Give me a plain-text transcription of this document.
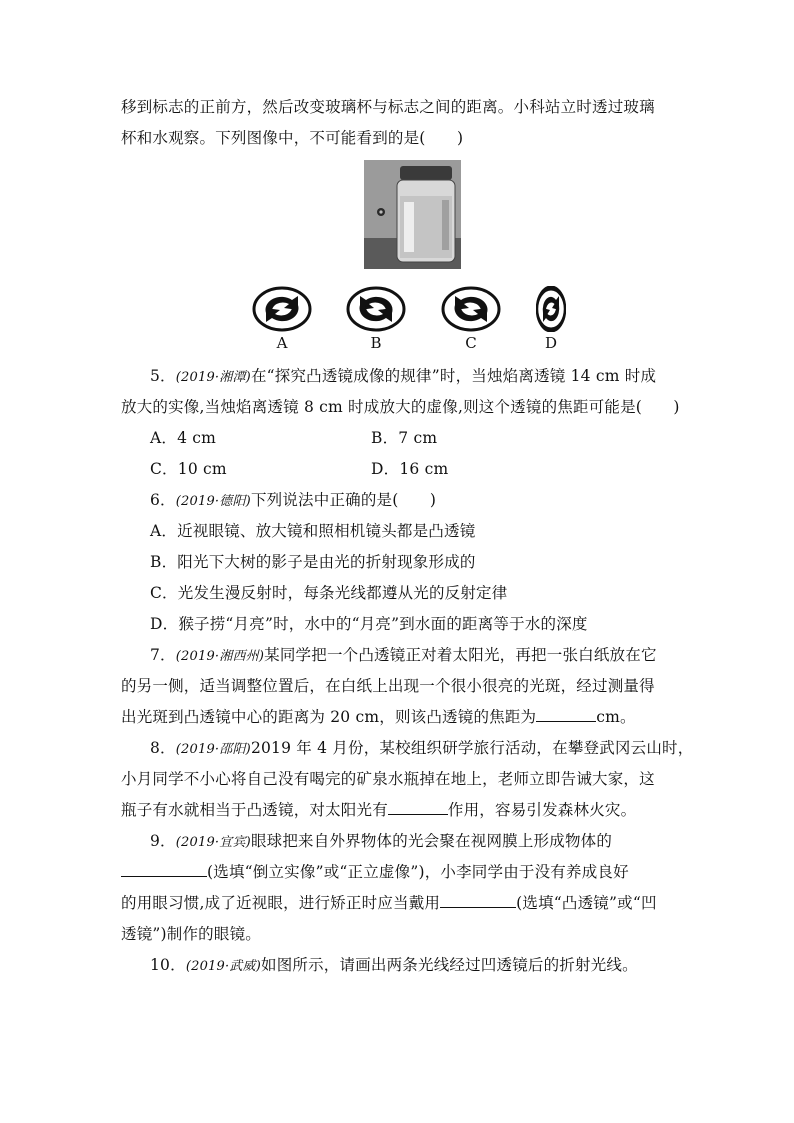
移到标志的正前方，然后改变玻璃杯与标志之间的距离。小科站立时透过玻璃
杯和水观察。下列图像中，不可能看到的是(　　)
A	B	C	D
5．(2019·湘潭)在“探究凸透镜成像的规律”时，当烛焰离透镜 14 cm 时成
放大的实像,当烛焰离透镜 8 cm 时成放大的虚像,则这个透镜的焦距可能是(　　)
A．4 cm	B．7 cm
C．10 cm	D．16 cm
6．(2019·德阳)下列说法中正确的是(　　)
A．近视眼镜、放大镜和照相机镜头都是凸透镜
B．阳光下大树的影子是由光的折射现象形成的
C．光发生漫反射时，每条光线都遵从光的反射定律
D．猴子捞“月亮”时，水中的“月亮”到水面的距离等于水的深度
7．(2019·湘西州)某同学把一个凸透镜正对着太阳光，再把一张白纸放在它
的另一侧，适当调整位置后，在白纸上出现一个很小很亮的光斑，经过测量得
出光斑到凸透镜中心的距离为 20 cm，则该凸透镜的焦距为	cm。
8．(2019·邵阳)2019 年 4 月份，某校组织研学旅行活动，在攀登武冈云山时，
小月同学不小心将自己没有喝完的矿泉水瓶掉在地上，老师立即告诫大家，这
瓶子有水就相当于凸透镜，对太阳光有	作用，容易引发森林火灾。
9．(2019·宜宾)眼球把来自外界物体的光会聚在视网膜上形成物体的
(选填“倒立实像”或“正立虚像”)，小李同学由于没有养成良好
的用眼习惯,成了近视眼，进行矫正时应当戴用	(选填“凸透镜”或“凹
透镜”)制作的眼镜。
10．(2019·武威)如图所示，请画出两条光线经过凹透镜后的折射光线。
